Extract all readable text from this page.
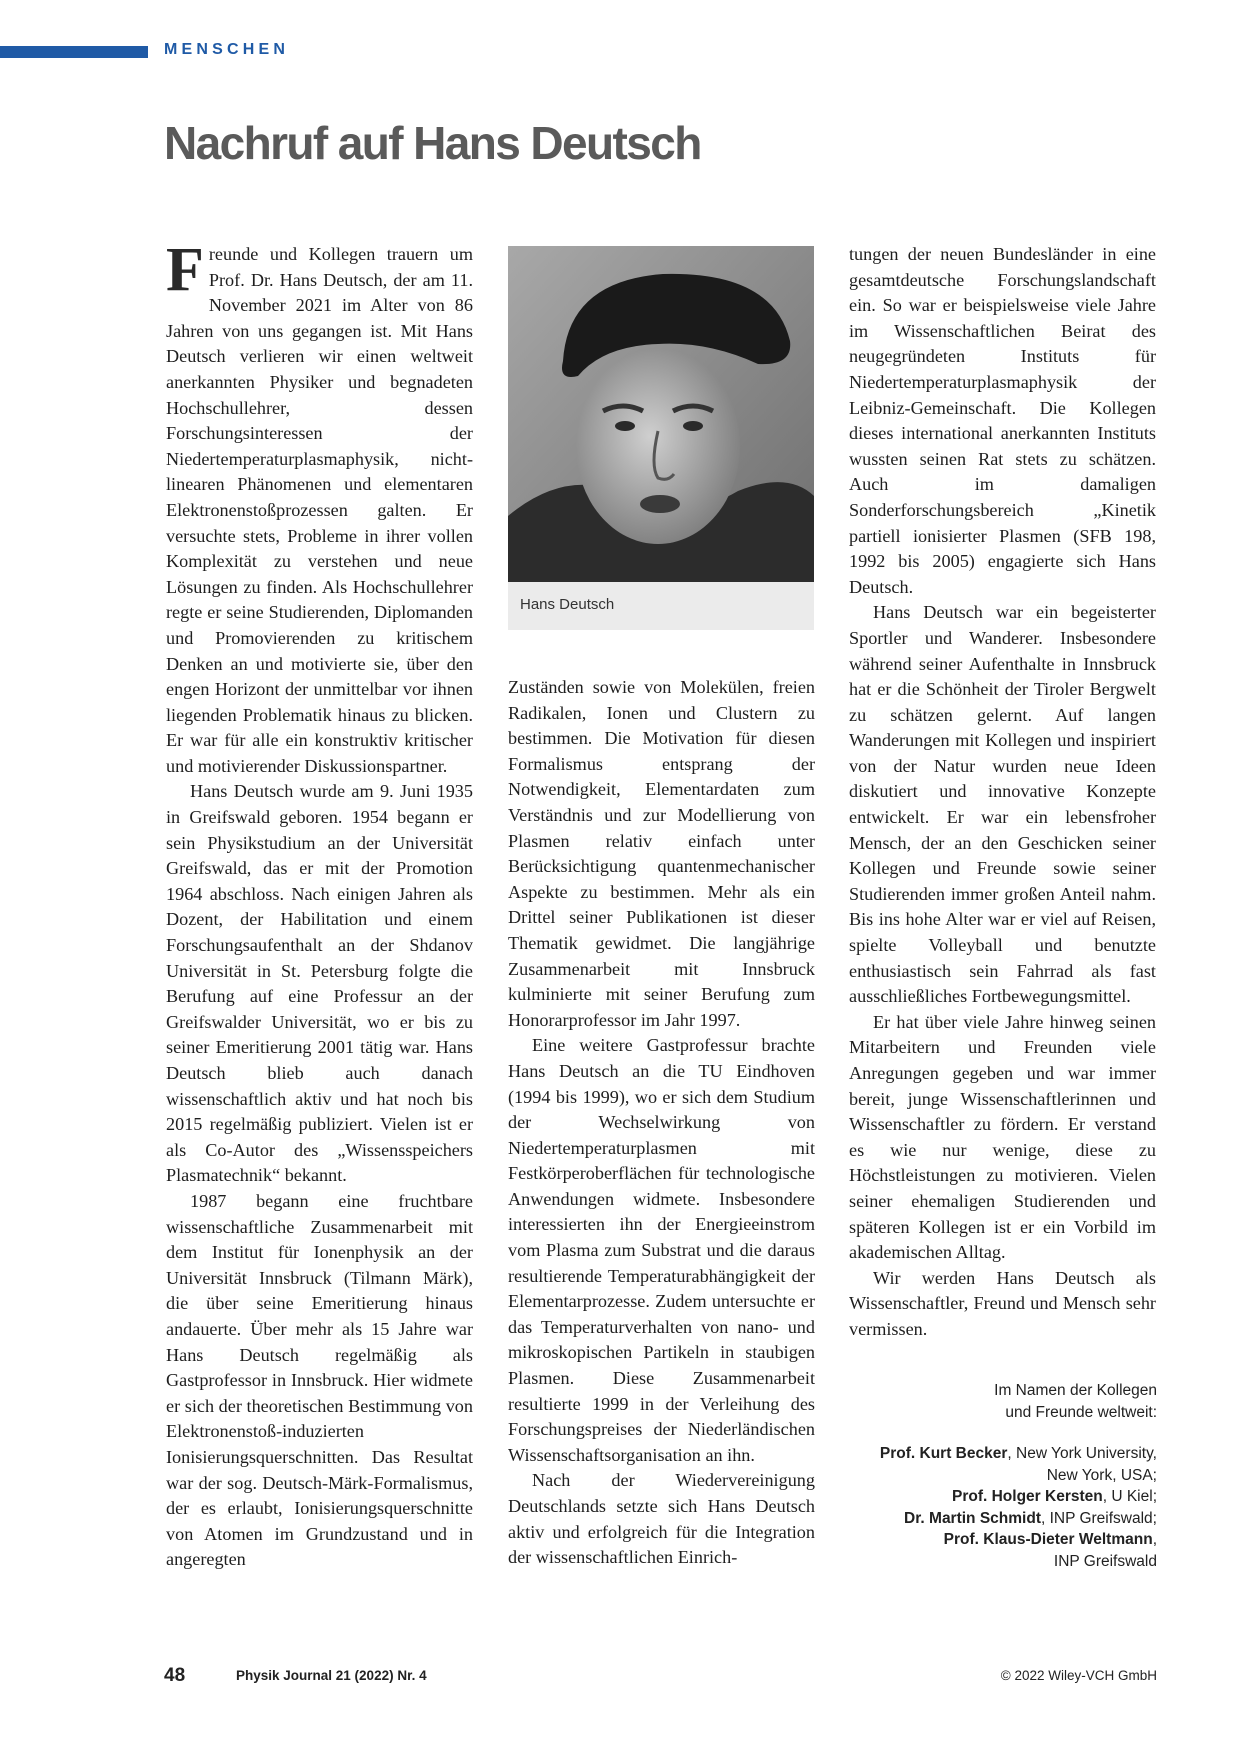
MENSCHEN
Nachruf auf Hans Deutsch

Freunde und Kollegen trauern um Prof. Dr. Hans Deutsch, der am 11. November 2021 im Alter von 86 Jahren von uns gegangen ist. Mit Hans Deutsch verlieren wir einen weltweit anerkannten Physiker und begnadeten Hochschullehrer, dessen Forschungsinteressen der Niedertemperaturplasmaphysik, nicht-linearen Phänomenen und elementaren Elektronenstoßprozessen galten. Er versuchte stets, Probleme in ihrer vollen Komplexität zu verstehen und neue Lösungen zu finden. Als Hochschullehrer regte er seine Studierenden, Diplomanden und Promovierenden zu kritischem Denken an und motivierte sie, über den engen Horizont der unmittelbar vor ihnen liegenden Problematik hinaus zu blicken. Er war für alle ein konstruktiv kritischer und motivierender Diskussionspartner.

Hans Deutsch wurde am 9. Juni 1935 in Greifswald geboren. 1954 begann er sein Physikstudium an der Universität Greifswald, das er mit der Promotion 1964 abschloss. Nach einigen Jahren als Dozent, der Habilitation und einem Forschungsaufenthalt an der Shdanov Universität in St. Petersburg folgte die Berufung auf eine Professur an der Greifswalder Universität, wo er bis zu seiner Emeritierung 2001 tätig war. Hans Deutsch blieb auch danach wissenschaftlich aktiv und hat noch bis 2015 regelmäßig publiziert. Vielen ist er als Co-Autor des „Wissensspeichers Plasmatechnik“ bekannt.

1987 begann eine fruchtbare wissenschaftliche Zusammenarbeit mit dem Institut für Ionenphysik an der Universität Innsbruck (Tilmann Märk), die über seine Emeritierung hinaus andauerte. Über mehr als 15 Jahre war Hans Deutsch regelmäßig als Gastprofessor in Innsbruck. Hier widmete er sich der theoretischen Bestimmung von Elektronenstoß-induzierten Ionisierungsquerschnitten. Das Resultat war der sog. Deutsch-Märk-Formalismus, der es erlaubt, Ionisierungsquerschnitte von Atomen im Grundzustand und in angeregten

Hans Deutsch

Zuständen sowie von Molekülen, freien Radikalen, Ionen und Clustern zu bestimmen. Die Motivation für diesen Formalismus entsprang der Notwendigkeit, Elementardaten zum Verständnis und zur Modellierung von Plasmen relativ einfach unter Berücksichtigung quantenmechanischer Aspekte zu bestimmen. Mehr als ein Drittel seiner Publikationen ist dieser Thematik gewidmet. Die langjährige Zusammenarbeit mit Innsbruck kulminierte mit seiner Berufung zum Honorarprofessor im Jahr 1997.

Eine weitere Gastprofessur brachte Hans Deutsch an die TU Eindhoven (1994 bis 1999), wo er sich dem Studium der Wechselwirkung von Niedertemperaturplasmen mit Festkörperoberflächen für technologische Anwendungen widmete. Insbesondere interessierten ihn der Energieeinstrom vom Plasma zum Substrat und die daraus resultierende Temperaturabhängigkeit der Elementarprozesse. Zudem untersuchte er das Temperaturverhalten von nano- und mikroskopischen Partikeln in staubigen Plasmen. Diese Zusammenarbeit resultierte 1999 in der Verleihung des Forschungspreises der Niederländischen Wissenschaftsorganisation an ihn.

Nach der Wiedervereinigung Deutschlands setzte sich Hans Deutsch aktiv und erfolgreich für die Integration der wissenschaftlichen Einrich-

tungen der neuen Bundesländer in eine gesamtdeutsche Forschungslandschaft ein. So war er beispielsweise viele Jahre im Wissenschaftlichen Beirat des neugegründeten Instituts für Niedertemperaturplasmaphysik der Leibniz-Gemeinschaft. Die Kollegen dieses international anerkannten Instituts wussten seinen Rat stets zu schätzen. Auch im damaligen Sonderforschungsbereich „Kinetik partiell ionisierter Plasmen (SFB 198, 1992 bis 2005) engagierte sich Hans Deutsch.

Hans Deutsch war ein begeisterter Sportler und Wanderer. Insbesondere während seiner Aufenthalte in Innsbruck hat er die Schönheit der Tiroler Bergwelt zu schätzen gelernt. Auf langen Wanderungen mit Kollegen und inspiriert von der Natur wurden neue Ideen diskutiert und innovative Konzepte entwickelt. Er war ein lebensfroher Mensch, der an den Geschicken seiner Kollegen und Freunde sowie seiner Studierenden immer großen Anteil nahm. Bis ins hohe Alter war er viel auf Reisen, spielte Volleyball und benutzte enthusiastisch sein Fahrrad als fast ausschließliches Fortbewegungsmittel.

Er hat über viele Jahre hinweg seinen Mitarbeitern und Freunden viele Anregungen gegeben und war immer bereit, junge Wissenschaftlerinnen und Wissenschaftler zu fördern. Er verstand es wie nur wenige, diese zu Höchstleistungen zu motivieren. Vielen seiner ehemaligen Studierenden und späteren Kollegen ist er ein Vorbild im akademischen Alltag.

Wir werden Hans Deutsch als Wissenschaftler, Freund und Mensch sehr vermissen.

Im Namen der Kollegen
und Freunde weltweit:
Prof. Kurt Becker, New York University,
New York, USA;
Prof. Holger Kersten, U Kiel;
Dr. Martin Schmidt, INP Greifswald;
Prof. Klaus-Dieter Weltmann,
INP Greifswald
48	Physik Journal 21 (2022) Nr. 4	© 2022 Wiley-VCH GmbH
